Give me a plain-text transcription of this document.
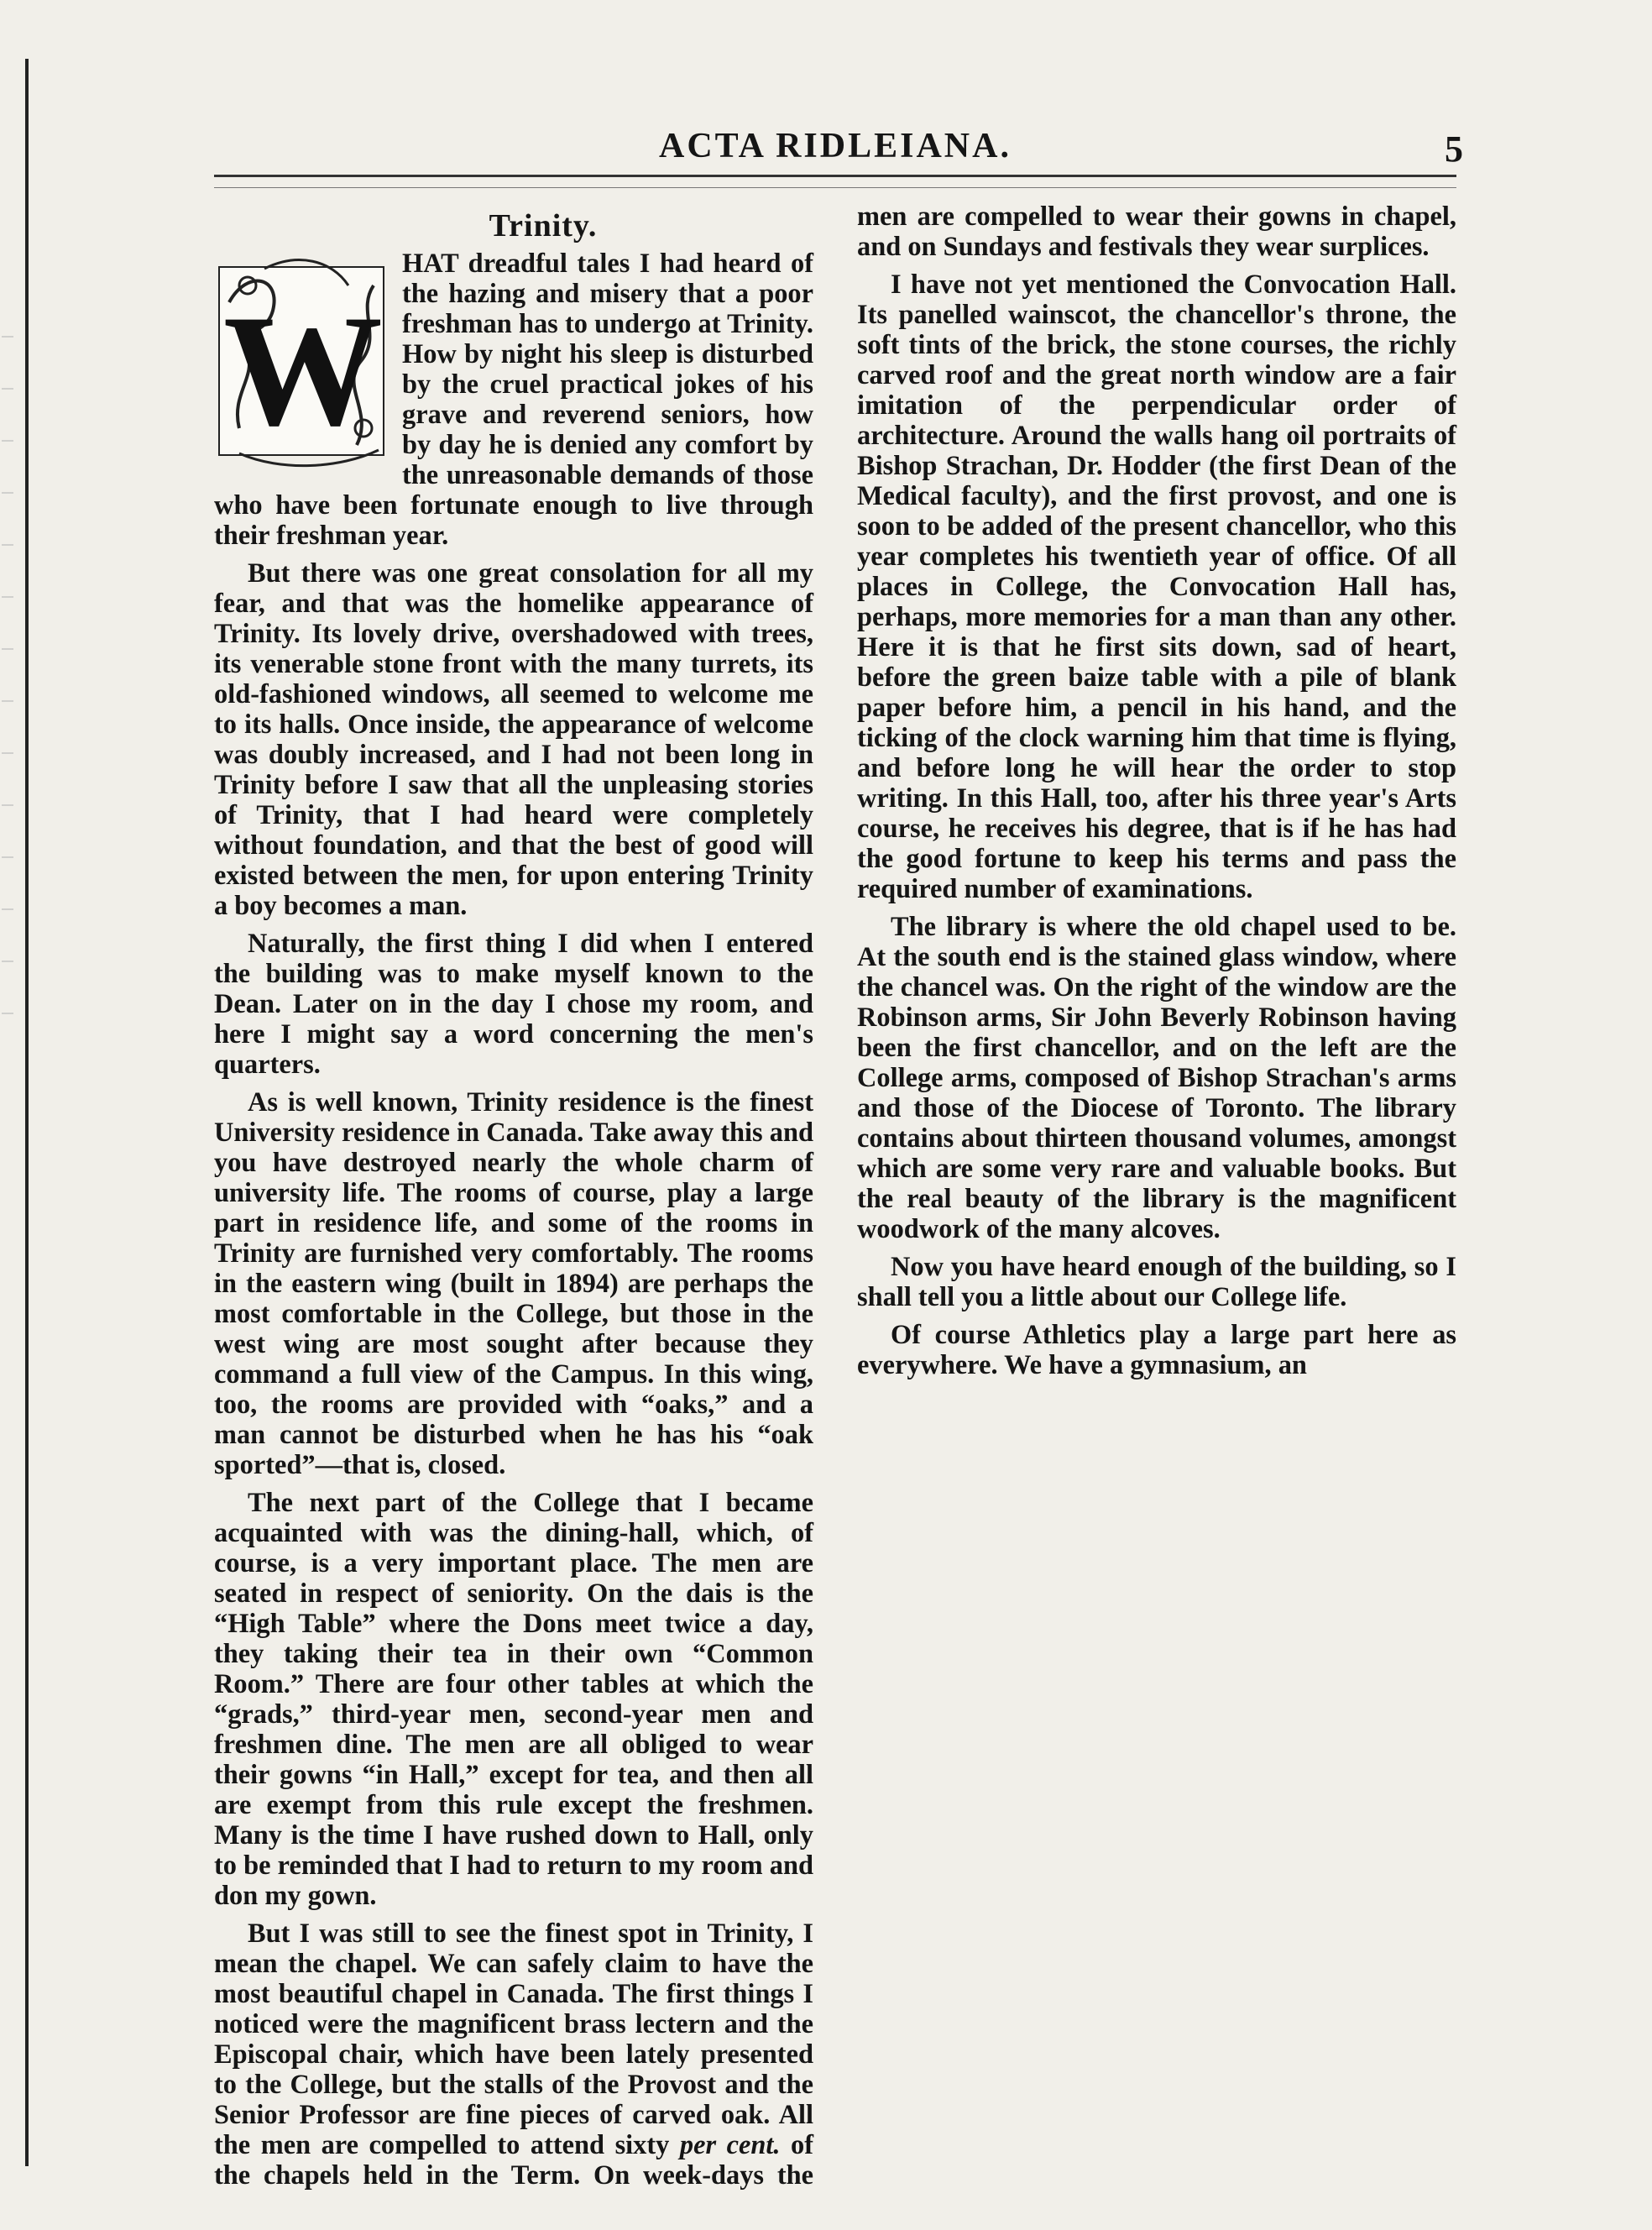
ACTA RIDLEIANA.	5
Trinity.

W
HAT dreadful tales I had heard of the hazing and misery that a poor freshman has to undergo at Trinity. How by night his sleep is disturbed by the cruel practical jokes of his grave and reverend seniors, how by day he is denied any comfort by the unreasonable demands of those who have been fortunate enough to live through their freshman year.

But there was one great consolation for all my fear, and that was the homelike appearance of Trinity. Its lovely drive, overshadowed with trees, its venerable stone front with the many turrets, its old-fashioned windows, all seemed to welcome me to its halls. Once inside, the appearance of welcome was doubly increased, and I had not been long in Trinity before I saw that all the unpleasing stories of Trinity, that I had heard were completely without foundation, and that the best of good will existed between the men, for upon entering Trinity a boy becomes a man.

Naturally, the first thing I did when I entered the building was to make myself known to the Dean. Later on in the day I chose my room, and here I might say a word concerning the men's quarters.

As is well known, Trinity residence is the finest University residence in Canada. Take away this and you have destroyed nearly the whole charm of university life. The rooms of course, play a large part in residence life, and some of the rooms in Trinity are furnished very comfortably. The rooms in the eastern wing (built in 1894) are perhaps the most comfortable in the College, but those in the west wing are most sought after because they command a full view of the Campus. In this wing, too, the rooms are provided with “oaks,” and a man cannot be disturbed when he has his “oak sported”—that is, closed.

The next part of the College that I became acquainted with was the dining-hall, which, of course, is a very important place. The men are seated in respect of seniority. On the dais is the “High Table” where the Dons meet twice a day, they taking their tea in their own “Common Room.” There are four other tables at which the “grads,” third-year men, second-year men and freshmen dine. The men are all obliged to wear their gowns “in Hall,” except for tea, and then all are exempt from this rule except the freshmen. Many is the time I have rushed down to Hall, only to be reminded that I had to return to my room and don my gown.

But I was still to see the finest spot in Trinity, I mean the chapel. We can safely claim to have the most beautiful chapel in Canada. The first things I noticed were the magnificent brass lectern and the Episcopal chair, which have been lately presented to the College, but the stalls of the Provost and the Senior Professor are fine pieces of carved oak. All the men are compelled to attend sixty per cent. of the chapels held in the Term. On week-days the men are compelled to wear their gowns in chapel, and on Sundays and festivals they wear surplices.

I have not yet mentioned the Convocation Hall. Its panelled wainscot, the chancellor's throne, the soft tints of the brick, the stone courses, the richly carved roof and the great north window are a fair imitation of the perpendicular order of architecture. Around the walls hang oil portraits of Bishop Strachan, Dr. Hodder (the first Dean of the Medical faculty), and the first provost, and one is soon to be added of the present chancellor, who this year completes his twentieth year of office. Of all places in College, the Convocation Hall has, perhaps, more memories for a man than any other. Here it is that he first sits down, sad of heart, before the green baize table with a pile of blank paper before him, a pencil in his hand, and the ticking of the clock warning him that time is flying, and before long he will hear the order to stop writing. In this Hall, too, after his three year's Arts course, he receives his degree, that is if he has had the good fortune to keep his terms and pass the required number of examinations.

The library is where the old chapel used to be. At the south end is the stained glass window, where the chancel was. On the right of the window are the Robinson arms, Sir John Beverly Robinson having been the first chancellor, and on the left are the College arms, composed of Bishop Strachan's arms and those of the Diocese of Toronto. The library contains about thirteen thousand volumes, amongst which are some very rare and valuable books. But the real beauty of the library is the magnificent woodwork of the many alcoves.

Now you have heard enough of the building, so I shall tell you a little about our College life.

Of course Athletics play a large part here as everywhere. We have a gymnasium, an
